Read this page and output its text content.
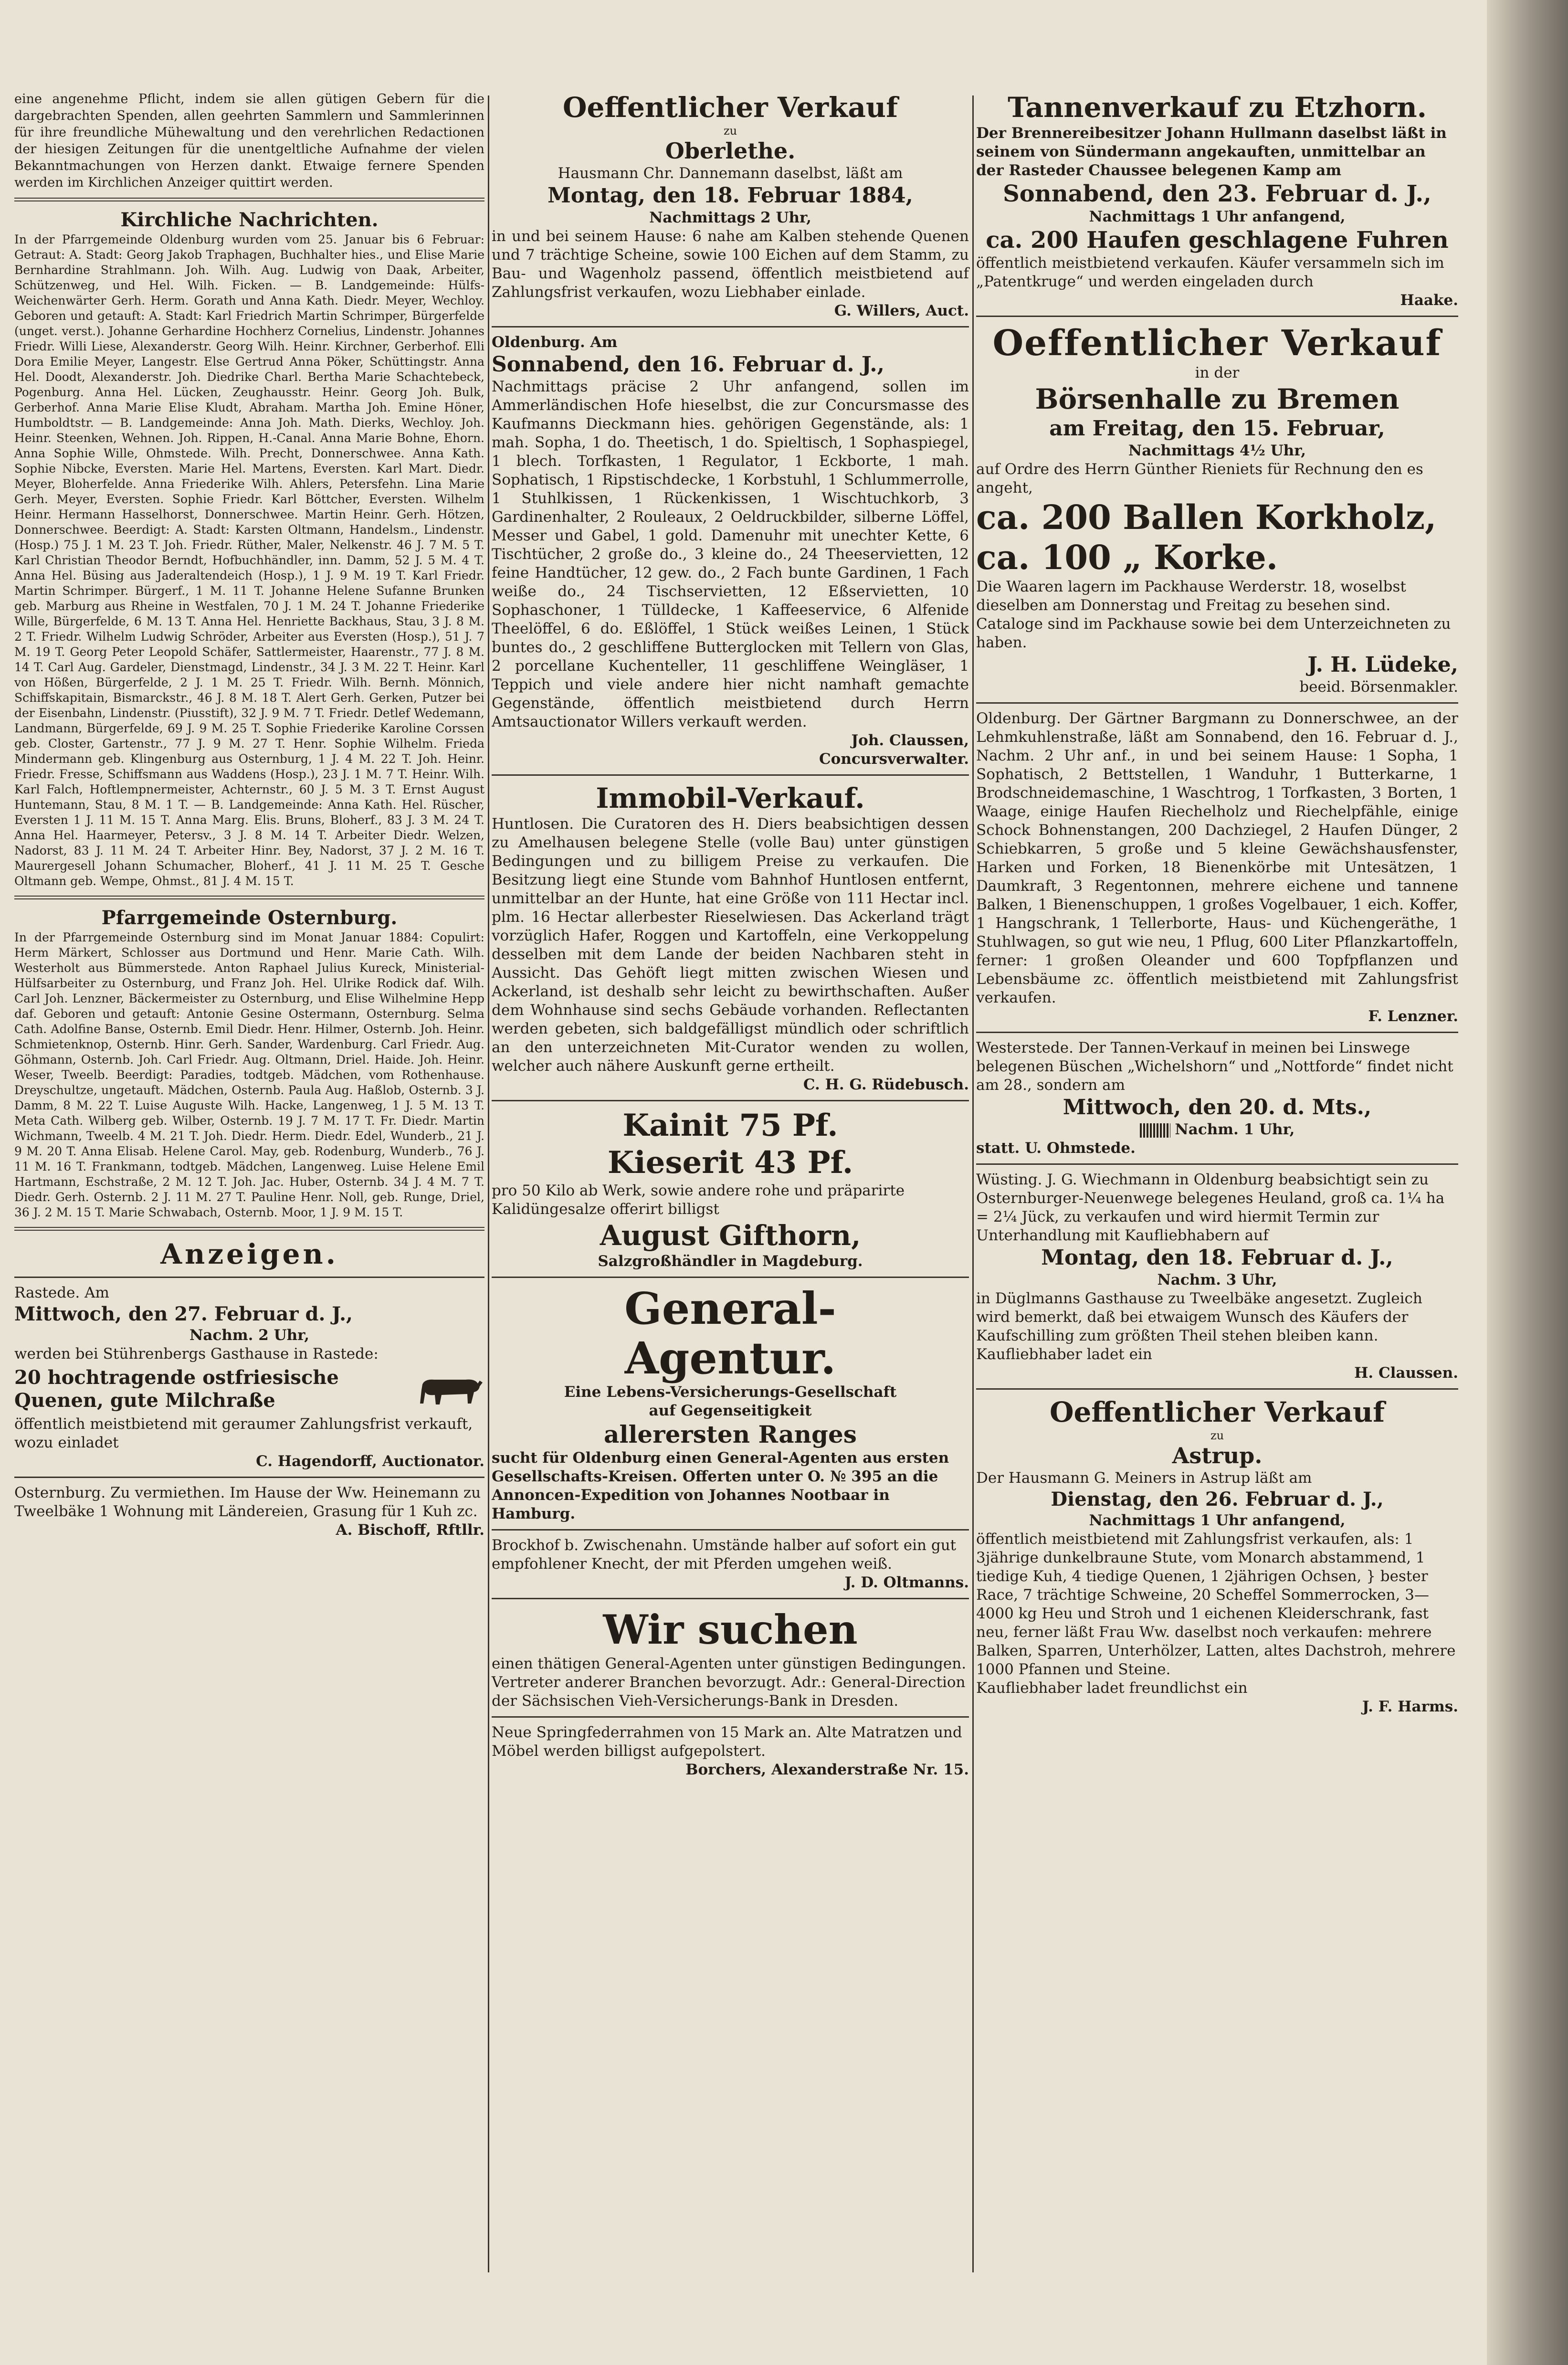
eine angenehme Pflicht, indem sie allen gütigen Gebern für die dargebrachten Spenden, allen geehrten Sammlern und Sammlerinnen für ihre freundliche Mühewaltung und den verehrlichen Redactionen der hiesigen Zeitungen für die unentgeltliche Aufnahme der vielen Bekanntmachungen von Herzen dankt. Etwaige fernere Spenden werden im Kirchlichen Anzeiger quittirt werden.

Kirchliche Nachrichten.

In der Pfarrgemeinde Oldenburg wurden vom 25. Januar bis 6 Februar: Getraut: A. Stadt: Georg Jakob Traphagen, Buchhalter hies., und Elise Marie Bernhardine Strahlmann. Joh. Wilh. Aug. Ludwig von Daak, Arbeiter, Schützenweg, und Hel. Wilh. Ficken. — B. Landgemeinde: Hülfs-Weichenwärter Gerh. Herm. Gorath und Anna Kath. Diedr. Meyer, Wechloy. Geboren und getauft: A. Stadt: Karl Friedrich Martin Schrimper, Bürgerfelde (unget. verst.). Johanne Gerhardine Hochherz Cornelius, Lindenstr. Johannes Friedr. Willi Liese, Alexanderstr. Georg Wilh. Heinr. Kirchner, Gerberhof. Elli Dora Emilie Meyer, Langestr. Else Gertrud Anna Pöker, Schüttingstr. Anna Hel. Doodt, Alexanderstr. Joh. Diedrike Charl. Bertha Marie Schachtebeck, Pogenburg. Anna Hel. Lücken, Zeughausstr. Heinr. Georg Joh. Bulk, Gerberhof. Anna Marie Elise Kludt, Abraham. Martha Joh. Emine Höner, Humboldtstr. — B. Landgemeinde: Anna Joh. Math. Dierks, Wechloy. Joh. Heinr. Steenken, Wehnen. Joh. Rippen, H.-Canal. Anna Marie Bohne, Ehorn. Anna Sophie Wille, Ohmstede. Wilh. Precht, Donnerschwee. Anna Kath. Sophie Nibcke, Eversten. Marie Hel. Martens, Eversten. Karl Mart. Diedr. Meyer, Bloherfelde. Anna Friederike Wilh. Ahlers, Petersfehn. Lina Marie Gerh. Meyer, Eversten. Sophie Friedr. Karl Böttcher, Eversten. Wilhelm Heinr. Hermann Hasselhorst, Donnerschwee. Martin Heinr. Gerh. Hötzen, Donnerschwee. Beerdigt: A. Stadt: Karsten Oltmann, Handelsm., Lindenstr. (Hosp.) 75 J. 1 M. 23 T. Joh. Friedr. Rüther, Maler, Nelkenstr. 46 J. 7 M. 5 T. Karl Christian Theodor Berndt, Hofbuchhändler, inn. Damm, 52 J. 5 M. 4 T. Anna Hel. Büsing aus Jaderaltendeich (Hosp.), 1 J. 9 M. 19 T. Karl Friedr. Martin Schrimper. Bürgerf., 1 M. 11 T. Johanne Helene Sufanne Brunken geb. Marburg aus Rheine in Westfalen, 70 J. 1 M. 24 T. Johanne Friederike Wille, Bürgerfelde, 6 M. 13 T. Anna Hel. Henriette Backhaus, Stau, 3 J. 8 M. 2 T. Friedr. Wilhelm Ludwig Schröder, Arbeiter aus Eversten (Hosp.), 51 J. 7 M. 19 T. Georg Peter Leopold Schäfer, Sattlermeister, Haarenstr., 77 J. 8 M. 14 T. Carl Aug. Gardeler, Dienstmagd, Lindenstr., 34 J. 3 M. 22 T. Heinr. Karl von Hößen, Bürgerfelde, 2 J. 1 M. 25 T. Friedr. Wilh. Bernh. Mönnich, Schiffskapitain, Bismarckstr., 46 J. 8 M. 18 T. Alert Gerh. Gerken, Putzer bei der Eisenbahn, Lindenstr. (Piusstift), 32 J. 9 M. 7 T. Friedr. Detlef Wedemann, Landmann, Bürgerfelde, 69 J. 9 M. 25 T. Sophie Friederike Karoline Corssen geb. Closter, Gartenstr., 77 J. 9 M. 27 T. Henr. Sophie Wilhelm. Frieda Mindermann geb. Klingenburg aus Osternburg, 1 J. 4 M. 22 T. Joh. Heinr. Friedr. Fresse, Schiffsmann aus Waddens (Hosp.), 23 J. 1 M. 7 T. Heinr. Wilh. Karl Falch, Hoftlempnermeister, Achternstr., 60 J. 5 M. 3 T. Ernst August Huntemann, Stau, 8 M. 1 T. — B. Landgemeinde: Anna Kath. Hel. Rüscher, Eversten 1 J. 11 M. 15 T. Anna Marg. Elis. Bruns, Bloherf., 83 J. 3 M. 24 T. Anna Hel. Haarmeyer, Petersv., 3 J. 8 M. 14 T. Arbeiter Diedr. Welzen, Nadorst, 83 J. 11 M. 24 T. Arbeiter Hinr. Bey, Nadorst, 37 J. 2 M. 16 T. Maurergesell Johann Schumacher, Bloherf., 41 J. 11 M. 25 T. Gesche Oltmann geb. Wempe, Ohmst., 81 J. 4 M. 15 T.

Pfarrgemeinde Osternburg.

In der Pfarrgemeinde Osternburg sind im Monat Januar 1884: Copulirt: Herm Märkert, Schlosser aus Dortmund und Henr. Marie Cath. Wilh. Westerholt aus Bümmerstede. Anton Raphael Julius Kureck, Ministerial-Hülfsarbeiter zu Osternburg, und Franz Joh. Hel. Ulrike Rodick daf. Wilh. Carl Joh. Lenzner, Bäckermeister zu Osternburg, und Elise Wilhelmine Hepp daf. Geboren und getauft: Antonie Gesine Ostermann, Osternburg. Selma Cath. Adolfine Banse, Osternb. Emil Diedr. Henr. Hilmer, Osternb. Joh. Heinr. Schmietenknop, Osternb. Hinr. Gerh. Sander, Wardenburg. Carl Friedr. Aug. Göhmann, Osternb. Joh. Carl Friedr. Aug. Oltmann, Driel. Haide. Joh. Heinr. Weser, Tweelb. Beerdigt: Paradies, todtgeb. Mädchen, vom Rothenhause. Dreyschultze, ungetauft. Mädchen, Osternb. Paula Aug. Haßlob, Osternb. 3 J. Damm, 8 M. 22 T. Luise Auguste Wilh. Hacke, Langenweg, 1 J. 5 M. 13 T. Meta Cath. Wilberg geb. Wilber, Osternb. 19 J. 7 M. 17 T. Fr. Diedr. Martin Wichmann, Tweelb. 4 M. 21 T. Joh. Diedr. Herm. Diedr. Edel, Wunderb., 21 J. 9 M. 20 T. Anna Elisab. Helene Carol. May, geb. Rodenburg, Wunderb., 76 J. 11 M. 16 T. Frankmann, todtgeb. Mädchen, Langenweg. Luise Helene Emil Hartmann, Eschstraße, 2 M. 12 T. Joh. Jac. Huber, Osternb. 34 J. 4 M. 7 T. Diedr. Gerh. Osternb. 2 J. 11 M. 27 T. Pauline Henr. Noll, geb. Runge, Driel, 36 J. 2 M. 15 T. Marie Schwabach, Osternb. Moor, 1 J. 9 M. 15 T.

Anzeigen.
Rastede. Am
Mittwoch, den 27. Februar d. J.,
Nachm. 2 Uhr,
werden bei Stührenbergs Gasthause in Rastede:
20 hochtragende ostfriesische Quenen, gute Milchraße
öffentlich meistbietend mit geraumer Zahlungsfrist verkauft, wozu einladet
C. Hagendorff, Auctionator.
Osternburg. Zu vermiethen. Im Hause der Ww. Heinemann zu Tweelbäke 1 Wohnung mit Ländereien, Grasung für 1 Kuh zc.
A. Bischoff, Rftllr.
Oeffentlicher Verkauf
zu
Oberlethe.
Hausmann Chr. Dannemann daselbst, läßt am
Montag, den 18. Februar 1884,
Nachmittags 2 Uhr,

in und bei seinem Hause: 6 nahe am Kalben stehende Quenen und 7 trächtige Scheine, sowie 100 Eichen auf dem Stamm, zu Bau- und Wagenholz passend, öffentlich meistbietend auf Zahlungsfrist verkaufen, wozu Liebhaber einlade.

G. Willers, Auct.
Oldenburg. Am
Sonnabend, den 16. Februar d. J.,

Nachmittags präcise 2 Uhr anfangend, sollen im Ammerländischen Hofe hieselbst, die zur Concursmasse des Kaufmanns Dieckmann hies. gehörigen Gegenstände, als: 1 mah. Sopha, 1 do. Theetisch, 1 do. Spieltisch, 1 Sophaspiegel, 1 blech. Torfkasten, 1 Regulator, 1 Eckborte, 1 mah. Sophatisch, 1 Ripstischdecke, 1 Korbstuhl, 1 Schlummerrolle, 1 Stuhlkissen, 1 Rückenkissen, 1 Wischtuchkorb, 3 Gardinenhalter, 2 Rouleaux, 2 Oeldruckbilder, silberne Löffel, Messer und Gabel, 1 gold. Damenuhr mit unechter Kette, 6 Tischtücher, 2 große do., 3 kleine do., 24 Theeservietten, 12 feine Handtücher, 12 gew. do., 2 Fach bunte Gardinen, 1 Fach weiße do., 24 Tischservietten, 12 Eßservietten, 10 Sophaschoner, 1 Tülldecke, 1 Kaffeeservice, 6 Alfenide Theelöffel, 6 do. Eßlöffel, 1 Stück weißes Leinen, 1 Stück buntes do., 2 geschliffene Butterglocken mit Tellern von Glas, 2 porcellane Kuchenteller, 11 geschliffene Weingläser, 1 Teppich und viele andere hier nicht namhaft gemachte Gegenstände, öffentlich meistbietend durch Herrn Amtsauctionator Willers verkauft werden.

Joh. Claussen,
Concursverwalter.
Immobil-Verkauf.

Huntlosen. Die Curatoren des H. Diers beabsichtigen dessen zu Amelhausen belegene Stelle (volle Bau) unter günstigen Bedingungen und zu billigem Preise zu verkaufen. Die Besitzung liegt eine Stunde vom Bahnhof Huntlosen entfernt, unmittelbar an der Hunte, hat eine Größe von 111 Hectar incl. plm. 16 Hectar allerbester Rieselwiesen. Das Ackerland trägt vorzüglich Hafer, Roggen und Kartoffeln, eine Verkoppelung desselben mit dem Lande der beiden Nachbaren steht in Aussicht. Das Gehöft liegt mitten zwischen Wiesen und Ackerland, ist deshalb sehr leicht zu bewirthschaften. Außer dem Wohnhause sind sechs Gebäude vorhanden. Reflectanten werden gebeten, sich baldgefälligst mündlich oder schriftlich an den unterzeichneten Mit-Curator wenden zu wollen, welcher auch nähere Auskunft gerne ertheilt.

C. H. G. Rüdebusch.
Kainit 75 Pf.
Kieserit 43 Pf.

pro 50 Kilo ab Werk, sowie andere rohe und präparirte Kalidüngesalze offerirt billigst

August Gifthorn,
Salzgroßhändler in Magdeburg.
General-
Agentur.
Eine Lebens-Versicherungs-Gesellschaft
auf Gegenseitigkeit
allerersten Ranges

sucht für Oldenburg einen General-Agenten aus ersten Gesellschafts-Kreisen. Offerten unter O. № 395 an die Annoncen-Expedition von Johannes Nootbaar in Hamburg.

Brockhof b. Zwischenahn. Umstände halber auf sofort ein gut empfohlener Knecht, der mit Pferden umgehen weiß.

J. D. Oltmanns.
Wir suchen

einen thätigen General-Agenten unter günstigen Bedingungen. Vertreter anderer Branchen bevorzugt. Adr.: General-Direction der Sächsischen Vieh-Versicherungs-Bank in Dresden.

Neue Springfederrahmen von 15 Mark an. Alte Matratzen und Möbel werden billigst aufgepolstert.

Borchers, Alexanderstraße Nr. 15.
Tannenverkauf zu Etzhorn.

Der Brennereibesitzer Johann Hullmann daselbst läßt in seinem von Sündermann angekauften, unmittelbar an der Rasteder Chaussee belegenen Kamp am

Sonnabend, den 23. Februar d. J.,
Nachmittags 1 Uhr anfangend,
ca. 200 Haufen geschlagene Fuhren

öffentlich meistbietend verkaufen. Käufer versammeln sich im „Patentkruge“ und werden eingeladen durch

Haake.
Oeffentlicher Verkauf
in der
Börsenhalle zu Bremen
am Freitag, den 15. Februar,
Nachmittags 4½ Uhr,

auf Ordre des Herrn Günther Rieniets für Rechnung den es angeht,

ca. 200 Ballen Korkholz,
ca. 100 „ Korke.

Die Waaren lagern im Packhause Werderstr. 18, woselbst dieselben am Donnerstag und Freitag zu besehen sind. Cataloge sind im Packhause sowie bei dem Unterzeichneten zu haben.

J. H. Lüdeke,
beeid. Börsenmakler.

Oldenburg. Der Gärtner Bargmann zu Donnerschwee, an der Lehmkuhlenstraße, läßt am Sonnabend, den 16. Februar d. J., Nachm. 2 Uhr anf., in und bei seinem Hause: 1 Sopha, 1 Sophatisch, 2 Bettstellen, 1 Wanduhr, 1 Butterkarne, 1 Brodschneidemaschine, 1 Waschtrog, 1 Torfkasten, 3 Borten, 1 Waage, einige Haufen Riechelholz und Riechelpfähle, einige Schock Bohnenstangen, 200 Dachziegel, 2 Haufen Dünger, 2 Schiebkarren, 5 große und 5 kleine Gewächshausfenster, Harken und Forken, 18 Bienenkörbe mit Untesätzen, 1 Daumkraft, 3 Regentonnen, mehrere eichene und tannene Balken, 1 Bienenschuppen, 1 großes Vogelbauer, 1 eich. Koffer, 1 Hangschrank, 1 Tellerborte, Haus- und Küchengeräthe, 1 Stuhlwagen, so gut wie neu, 1 Pflug, 600 Liter Pflanzkartoffeln, ferner: 1 großen Oleander und 600 Topfpflanzen und Lebensbäume zc. öffentlich meistbietend mit Zahlungsfrist verkaufen.

F. Lenzner.

Westerstede. Der Tannen-Verkauf in meinen bei Linswege belegenen Büschen „Wichelshorn“ und „Nottforde“ findet nicht am 28., sondern am

Mittwoch, den 20. d. Mts.,
Nachm. 1 Uhr,
statt. U. Ohmstede.

Wüsting. J. G. Wiechmann in Oldenburg beabsichtigt sein zu Osternburger-Neuenwege belegenes Heuland, groß ca. 1¼ ha = 2¼ Jück, zu verkaufen und wird hiermit Termin zur Unterhandlung mit Kaufliebhabern auf

Montag, den 18. Februar d. J.,
Nachm. 3 Uhr,

in Düglmanns Gasthause zu Tweelbäke angesetzt. Zugleich wird bemerkt, daß bei etwaigem Wunsch des Käufers der Kaufschilling zum größten Theil stehen bleiben kann. Kaufliebhaber ladet ein

H. Claussen.
Oeffentlicher Verkauf
zu
Astrup.
Der Hausmann G. Meiners in Astrup läßt am
Dienstag, den 26. Februar d. J.,
Nachmittags 1 Uhr anfangend,

öffentlich meistbietend mit Zahlungsfrist verkaufen, als: 1 3jährige dunkelbraune Stute, vom Monarch abstammend, 1 tiedige Kuh, 4 tiedige Quenen, 1 2jährigen Ochsen, } bester Race, 7 trächtige Schweine, 20 Scheffel Sommerrocken, 3—4000 kg Heu und Stroh und 1 eichenen Kleiderschrank, fast neu, ferner läßt Frau Ww. daselbst noch verkaufen: mehrere Balken, Sparren, Unterhölzer, Latten, altes Dachstroh, mehrere 1000 Pfannen und Steine.

Kaufliebhaber ladet freundlichst ein
J. F. Harms.
